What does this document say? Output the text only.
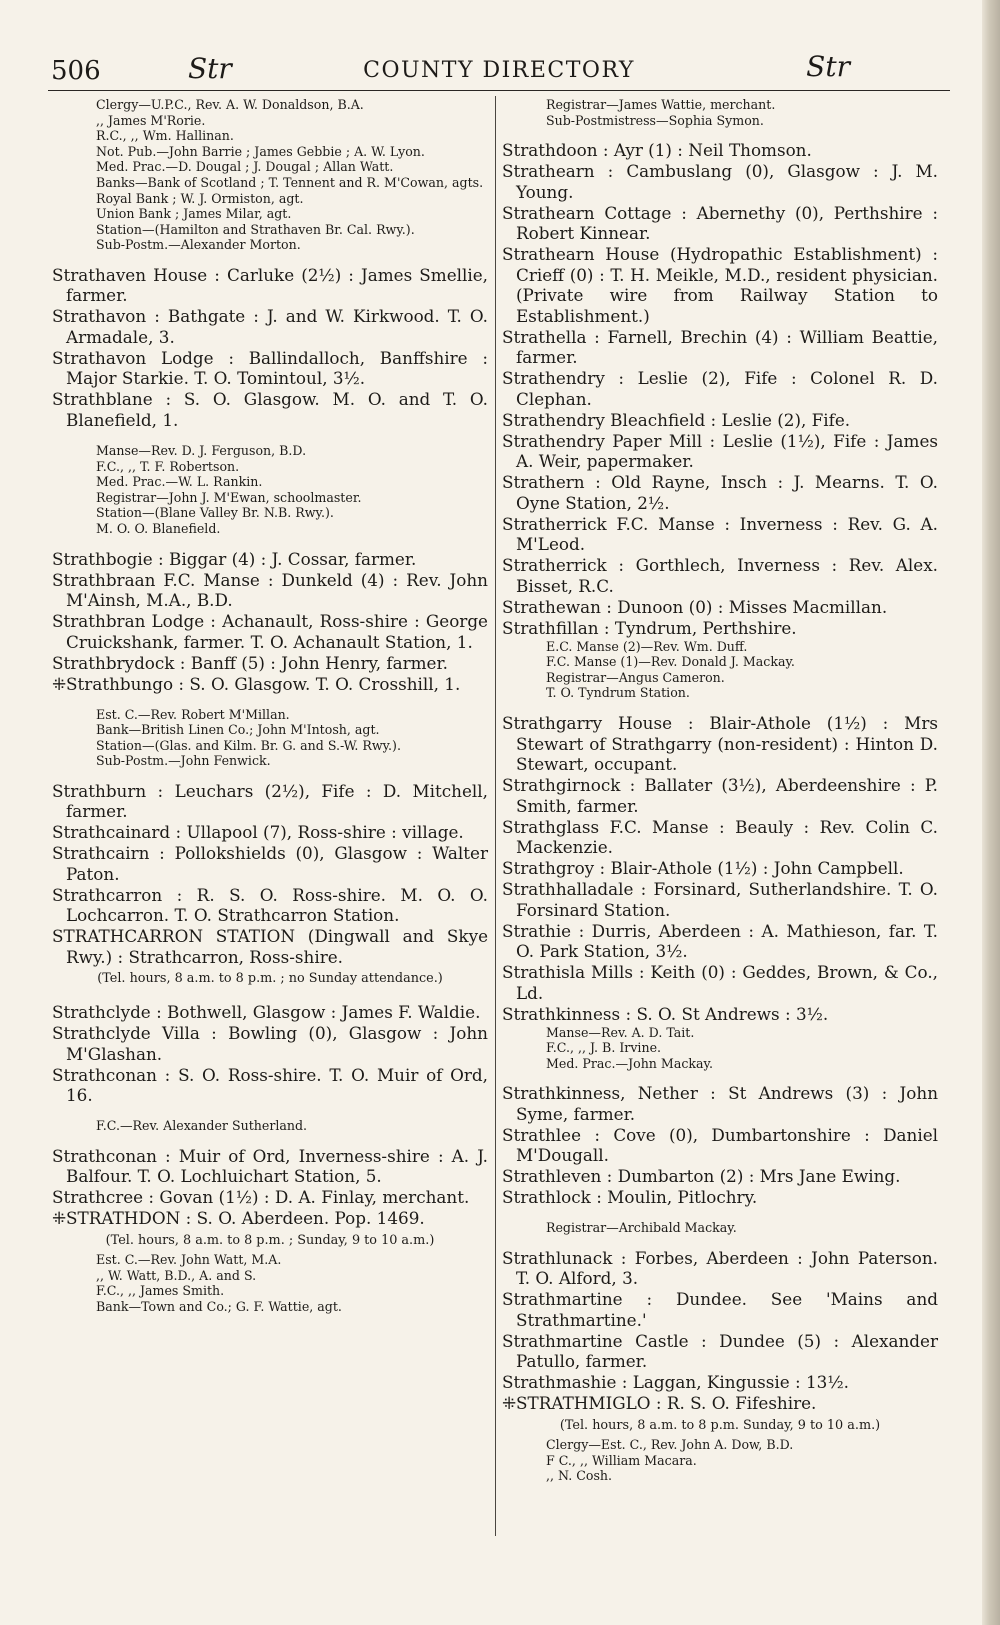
506	Str	COUNTY DIRECTORY	Str
Clergy—U.P.C., Rev. A. W. Donaldson, B.A.
,, James M'Rorie.
R.C., ,, Wm. Hallinan.
Not. Pub.—John Barrie ; James Gebbie ; A. W. Lyon.
Med. Prac.—D. Dougal ; J. Dougal ; Allan Watt.
Banks—Bank of Scotland ; T. Tennent and R. M'Cowan, agts.
Royal Bank ; W. J. Ormiston, agt.
Union Bank ; James Milar, agt.
Station—(Hamilton and Strathaven Br. Cal. Rwy.).
Sub-Postm.—Alexander Morton.
Strathaven House : Carluke (2½) : James Smellie, farmer.
Strathavon : Bathgate : J. and W. Kirkwood. T. O. Armadale, 3.
Strathavon Lodge : Ballindalloch, Banffshire : Major Starkie. T. O. Tomintoul, 3½.
Strathblane : S. O. Glasgow. M. O. and T. O. Blanefield, 1.
Manse—Rev. D. J. Ferguson, B.D.
F.C., ,, T. F. Robertson.
Med. Prac.—W. L. Rankin.
Registrar—John J. M'Ewan, schoolmaster.
Station—(Blane Valley Br. N.B. Rwy.).
M. O. O. Blanefield.
Strathbogie : Biggar (4) : J. Cossar, farmer.
Strathbraan F.C. Manse : Dunkeld (4) : Rev. John M'Ainsh, M.A., B.D.
Strathbran Lodge : Achanault, Ross-shire : George Cruickshank, farmer. T. O. Achanault Station, 1.
Strathbrydock : Banff (5) : John Henry, farmer.
⁜Strathbungo : S. O. Glasgow. T. O. Crosshill, 1.
Est. C.—Rev. Robert M'Millan.
Bank—British Linen Co.; John M'Intosh, agt.
Station—(Glas. and Kilm. Br. G. and S.-W. Rwy.).
Sub-Postm.—John Fenwick.
Strathburn : Leuchars (2½), Fife : D. Mitchell, farmer.
Strathcainard : Ullapool (7), Ross-shire : village.
Strathcairn : Pollokshields (0), Glasgow : Walter Paton.
Strathcarron : R. S. O. Ross-shire. M. O. O. Lochcarron. T. O. Strathcarron Station.
STRATHCARRON STATION (Dingwall and Skye Rwy.) : Strathcarron, Ross-shire.
(Tel. hours, 8 a.m. to 8 p.m. ; no Sunday attendance.)
Strathclyde : Bothwell, Glasgow : James F. Waldie.
Strathclyde Villa : Bowling (0), Glasgow : John M'Glashan.
Strathconan : S. O. Ross-shire. T. O. Muir of Ord, 16.
F.C.—Rev. Alexander Sutherland.
Strathconan : Muir of Ord, Inverness-shire : A. J. Balfour. T. O. Lochluichart Station, 5.
Strathcree : Govan (1½) : D. A. Finlay, merchant.
⁜STRATHDON : S. O. Aberdeen. Pop. 1469.
(Tel. hours, 8 a.m. to 8 p.m. ; Sunday, 9 to 10 a.m.)
Est. C.—Rev. John Watt, M.A.
,, W. Watt, B.D., A. and S.
F.C., ,, James Smith.
Bank—Town and Co.; G. F. Wattie, agt.
Registrar—James Wattie, merchant.
Sub-Postmistress—Sophia Symon.
Strathdoon : Ayr (1) : Neil Thomson.
Strathearn : Cambuslang (0), Glasgow : J. M. Young.
Strathearn Cottage : Abernethy (0), Perthshire : Robert Kinnear.
Strathearn House (Hydropathic Establishment) : Crieff (0) : T. H. Meikle, M.D., resident physician. (Private wire from Railway Station to Establishment.)
Strathella : Farnell, Brechin (4) : William Beattie, farmer.
Strathendry : Leslie (2), Fife : Colonel R. D. Clephan.
Strathendry Bleachfield : Leslie (2), Fife.
Strathendry Paper Mill : Leslie (1½), Fife : James A. Weir, papermaker.
Strathern : Old Rayne, Insch : J. Mearns. T. O. Oyne Station, 2½.
Stratherrick F.C. Manse : Inverness : Rev. G. A. M'Leod.
Stratherrick : Gorthlech, Inverness : Rev. Alex. Bisset, R.C.
Strathewan : Dunoon (0) : Misses Macmillan.
Strathfillan : Tyndrum, Perthshire.
E.C. Manse (2)—Rev. Wm. Duff.
F.C. Manse (1)—Rev. Donald J. Mackay.
Registrar—Angus Cameron.
T. O. Tyndrum Station.
Strathgarry House : Blair-Athole (1½) : Mrs Stewart of Strathgarry (non-resident) : Hinton D. Stewart, occupant.
Strathgirnock : Ballater (3½), Aberdeenshire : P. Smith, farmer.
Strathglass F.C. Manse : Beauly : Rev. Colin C. Mackenzie.
Strathgroy : Blair-Athole (1½) : John Campbell.
Strathhalladale : Forsinard, Sutherlandshire. T. O. Forsinard Station.
Strathie : Durris, Aberdeen : A. Mathieson, far. T. O. Park Station, 3½.
Strathisla Mills : Keith (0) : Geddes, Brown, & Co., Ld.
Strathkinness : S. O. St Andrews : 3½.
Manse—Rev. A. D. Tait.
F.C., ,, J. B. Irvine.
Med. Prac.—John Mackay.
Strathkinness, Nether : St Andrews (3) : John Syme, farmer.
Strathlee : Cove (0), Dumbartonshire : Daniel M'Dougall.
Strathleven : Dumbarton (2) : Mrs Jane Ewing.
Strathlock : Moulin, Pitlochry.
Registrar—Archibald Mackay.
Strathlunack : Forbes, Aberdeen : John Paterson. T. O. Alford, 3.
Strathmartine : Dundee. See 'Mains and Strathmartine.'
Strathmartine Castle : Dundee (5) : Alexander Patullo, farmer.
Strathmashie : Laggan, Kingussie : 13½.
⁜STRATHMIGLO : R. S. O. Fifeshire.
(Tel. hours, 8 a.m. to 8 p.m. Sunday, 9 to 10 a.m.)
Clergy—Est. C., Rev. John A. Dow, B.D.
F C., ,, William Macara.
,, N. Cosh.
